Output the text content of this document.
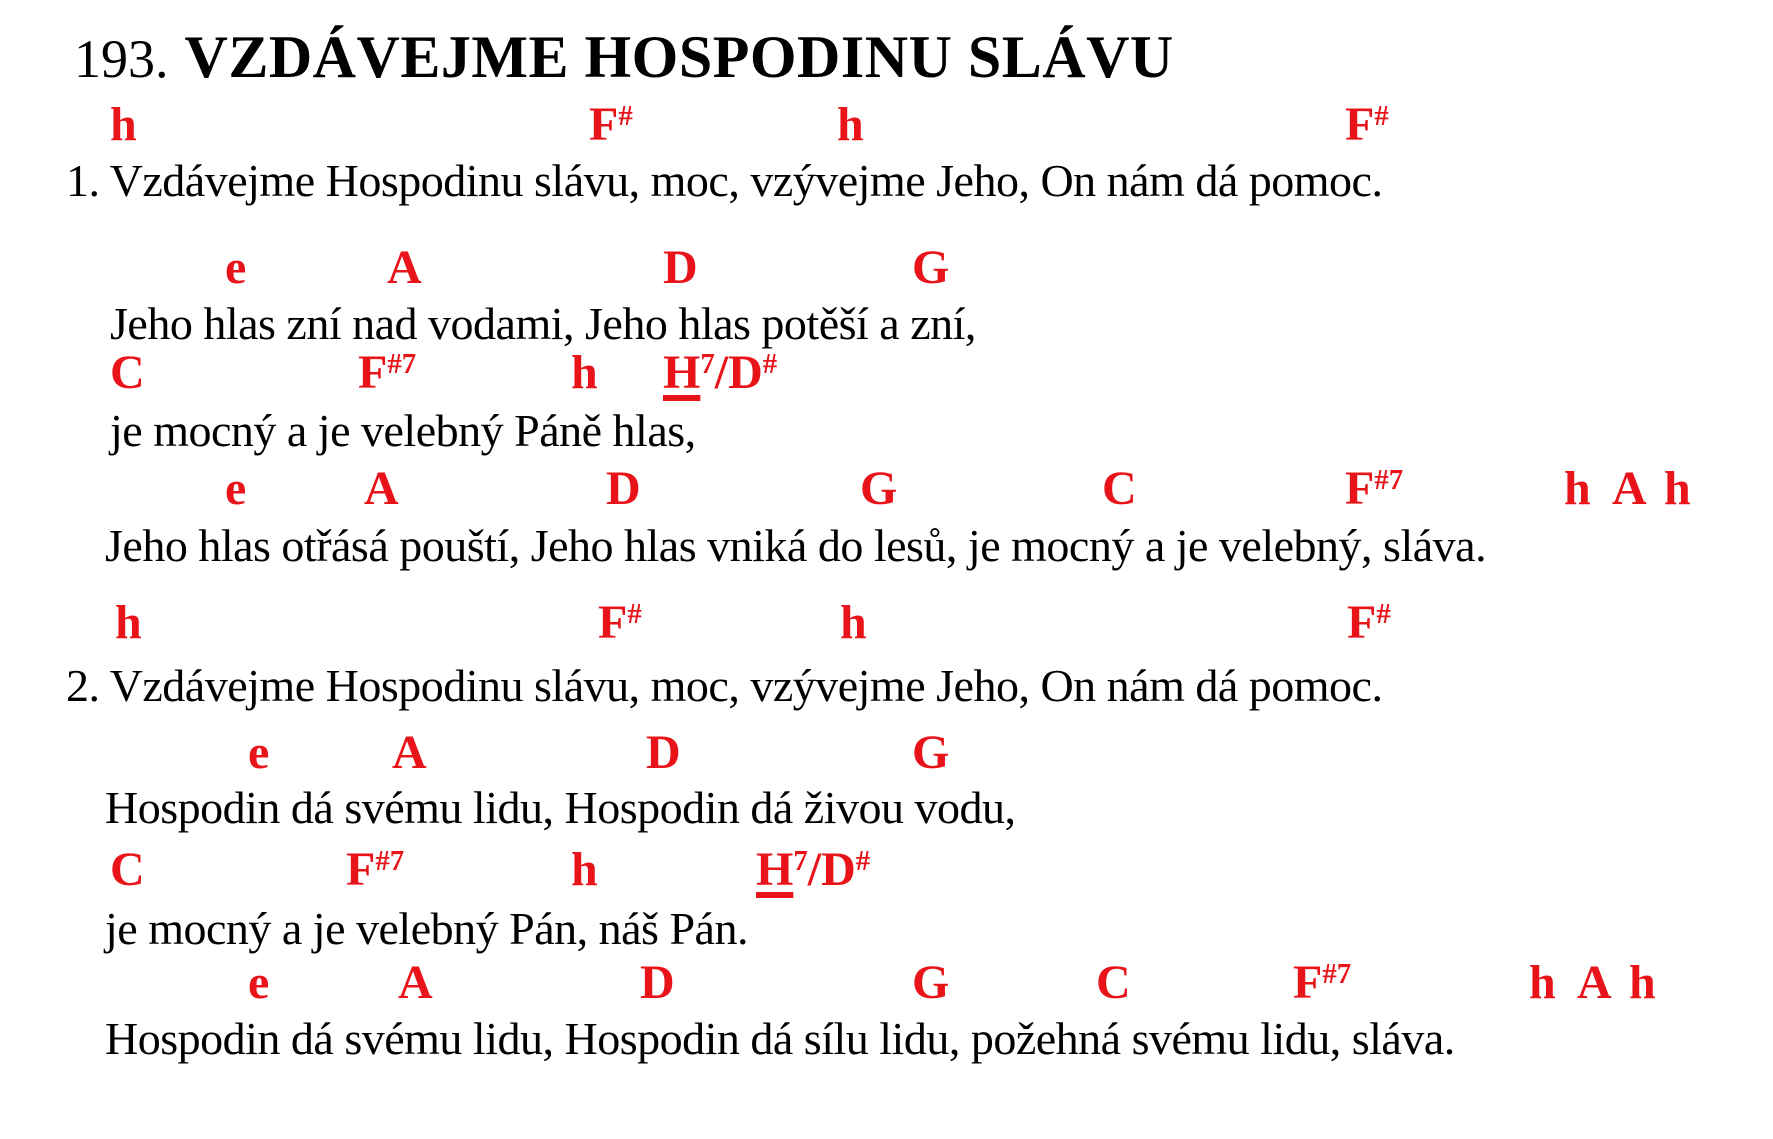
193. VZDÁVEJME HOSPODINU SLÁVU

h	F#	h	F#
1. Vzdávejme Hospodinu slávu, moc, vzývejme Jeho, On nám dá pomoc.
e	A	D	G
Jeho hlas zní nad vodami, Jeho hlas potěší a zní,
C	$F^{\#7}$	h $H^7/D^{\#}$
je mocný a je velebný Páně hlas,
e A	D	G	C	$F^{\#7}$	h A h
Jeho hlas otřásá pouští, Jeho hlas vniká do lesů, je mocný a je velebný, sláva.
h	F#	h	F#
2. Vzdávejme Hospodinu slávu, moc, vzývejme Jeho, On nám dá pomoc.
e	A	D	G
Hospodin dá svému lidu, Hospodin dá živou vodu,
C	$F^{\#7}$	h	$H^7/D^{\#}$
je mocný a je velebný Pán, náš Pán.
e	A	D	G	C	$F^{\#7}$	h A h
Hospodin dá svému lidu, Hospodin dá sílu lidu, požehná svému lidu, sláva.
